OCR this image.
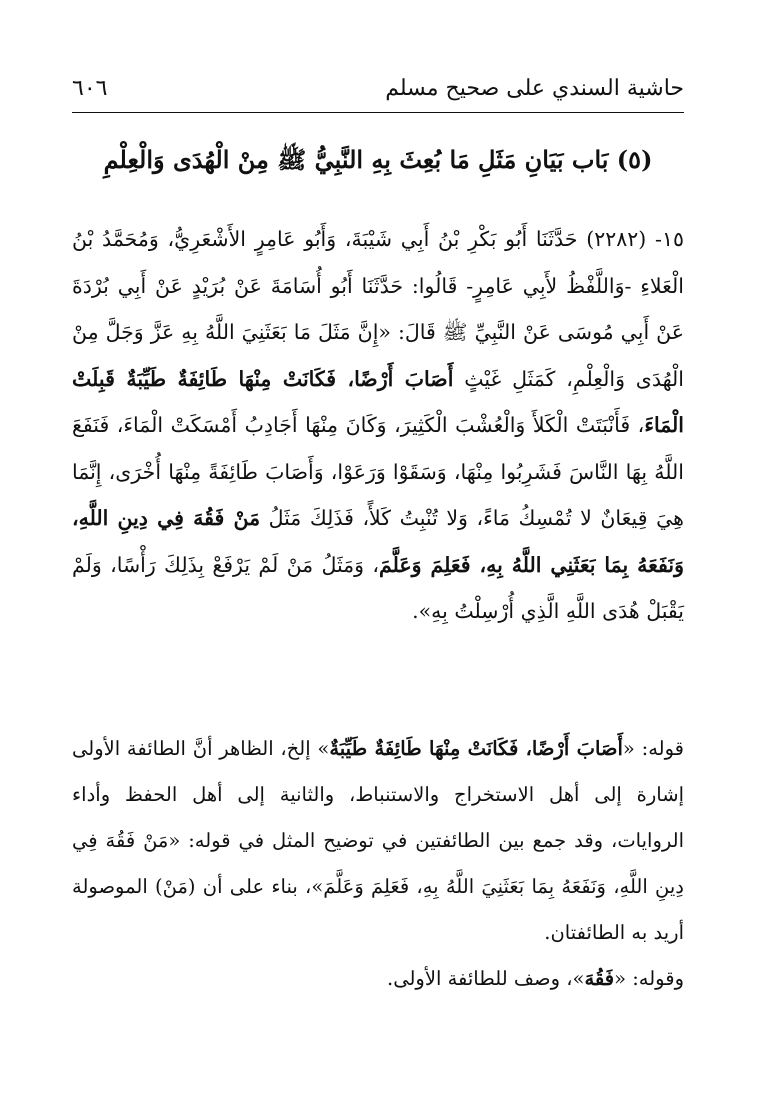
حاشية السندي على صحيح مسلم
٦٠٦
(٥) بَاب بَيَانِ مَثَلِ مَا بُعِثَ بِهِ النَّبِيُّ ﷺ مِنْ الْهُدَى وَالْعِلْمِ

١٥- (٢٢٨٢) حَدَّثَنَا أَبُو بَكْرِ بْنُ أَبِي شَيْبَةَ، وَأَبُو عَامِرٍ الأَشْعَرِيُّ، وَمُحَمَّدُ بْنُ الْعَلاءِ -وَاللَّفْظُ لأَبِي عَامِرٍ- قَالُوا: حَدَّثَنَا أَبُو أُسَامَةَ عَنْ بُرَيْدٍ عَنْ أَبِي بُرْدَةَ عَنْ أَبِي مُوسَى عَنْ النَّبِيِّ ﷺ قَالَ: «إِنَّ مَثَلَ مَا بَعَثَنِيَ اللَّهُ بِهِ عَزَّ وَجَلَّ مِنْ الْهُدَى وَالْعِلْمِ، كَمَثَلِ غَيْثٍ أَصَابَ أَرْضًا، فَكَانَتْ مِنْهَا طَائِفَةٌ طَيِّبَةٌ قَبِلَتْ الْمَاءَ، فَأَنْبَتَتْ الْكَلأَ وَالْعُشْبَ الْكَثِيرَ، وَكَانَ مِنْهَا أَجَادِبُ أَمْسَكَتْ الْمَاءَ، فَنَفَعَ اللَّهُ بِهَا النَّاسَ فَشَرِبُوا مِنْهَا، وَسَقَوْا وَرَعَوْا، وَأَصَابَ طَائِفَةً مِنْهَا أُخْرَى، إِنَّمَا هِيَ قِيعَانٌ لا تُمْسِكُ مَاءً، وَلا تُنْبِتُ كَلأً، فَذَلِكَ مَثَلُ مَنْ فَقُهَ فِي دِينِ اللَّهِ، وَنَفَعَهُ بِمَا بَعَثَنِي اللَّهُ بِهِ، فَعَلِمَ وَعَلَّمَ، وَمَثَلُ مَنْ لَمْ يَرْفَعْ بِذَلِكَ رَأْسًا، وَلَمْ يَقْبَلْ هُدَى اللَّهِ الَّذِي أُرْسِلْتُ بِهِ».

قوله: «أَصَابَ أَرْضًا، فَكَانَتْ مِنْهَا طَائِفَةٌ طَيِّبَةٌ» إلخ، الظاهر أنَّ الطائفة الأولى إشارة إلى أهل الاستخراج والاستنباط، والثانية إلى أهل الحفظ وأداء الروايات، وقد جمع بين الطائفتين في توضيح المثل في قوله: «مَنْ فَقُهَ فِي دِينِ اللَّهِ، وَنَفَعَهُ بِمَا بَعَثَنِيَ اللَّهُ بِهِ، فَعَلِمَ وَعَلَّمَ»، بناء على أن (مَنْ) الموصولة أريد به الطائفتان.

وقوله: «فَقُهَ»، وصف للطائفة الأولى.
